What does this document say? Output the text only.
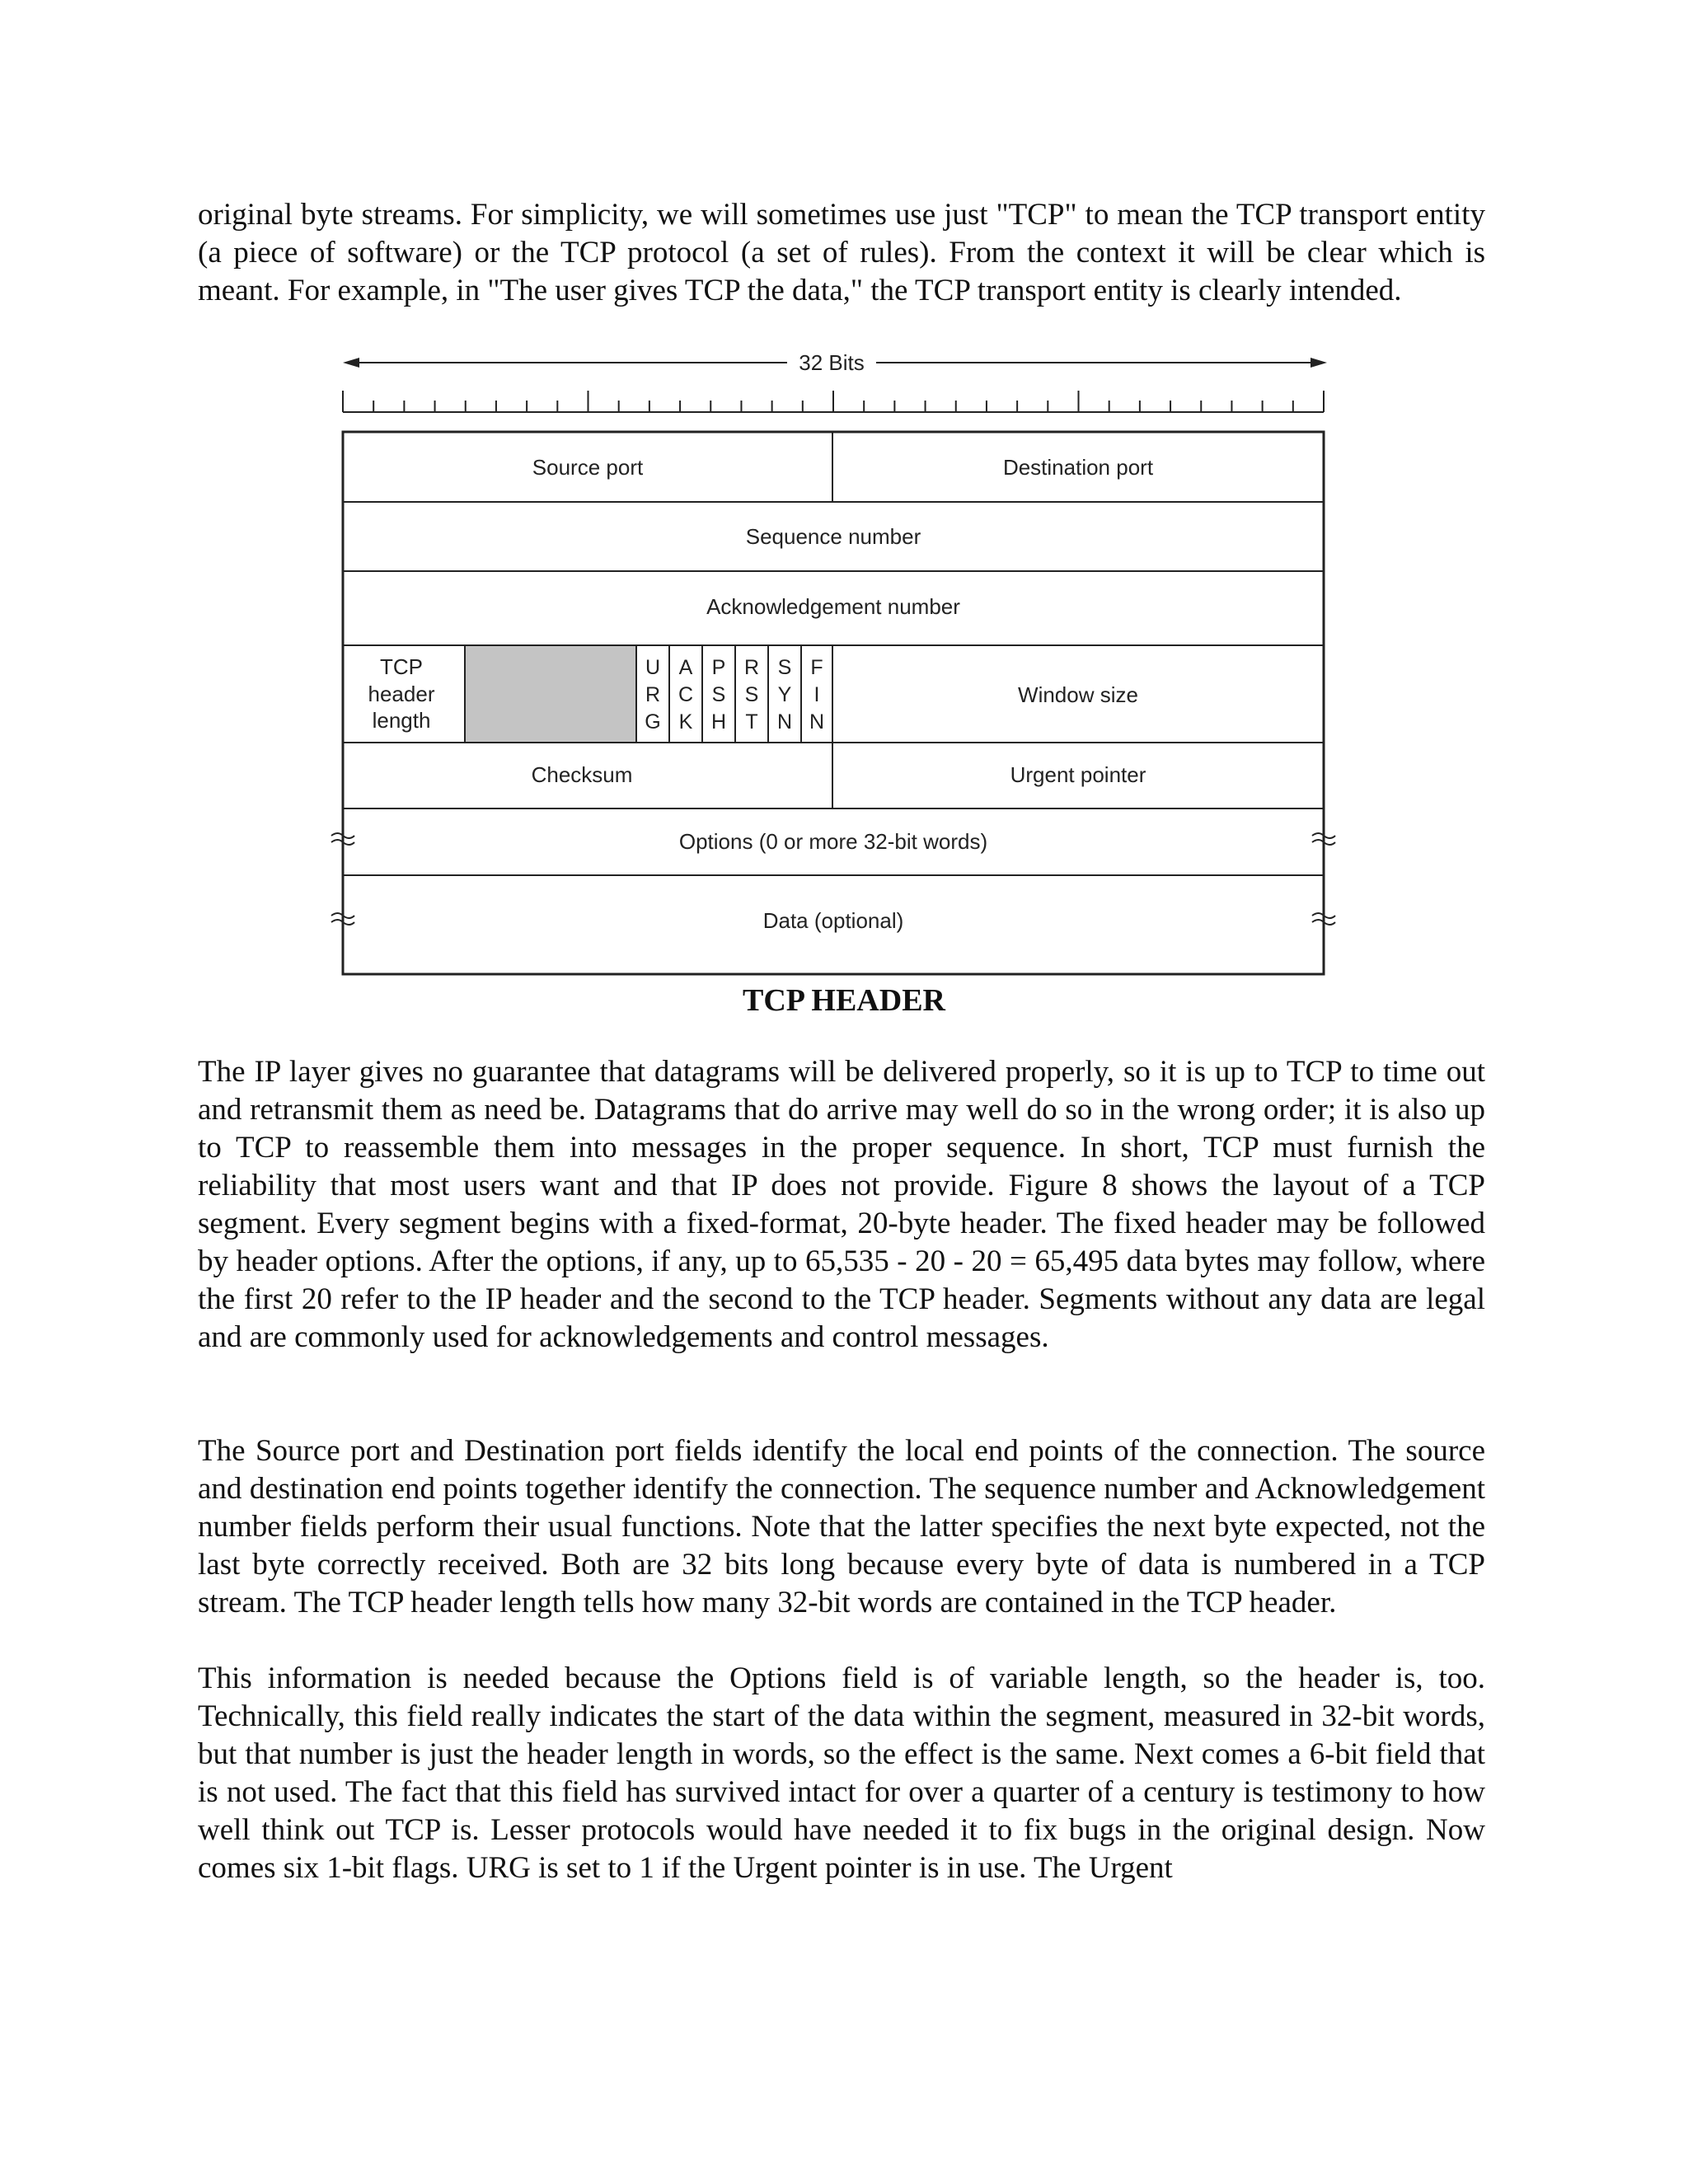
original byte streams. For simplicity, we will sometimes use just "TCP" to mean the TCP transport entity (a piece of software) or the TCP protocol (a set of rules). From the context it will be clear which is meant. For example, in "The user gives TCP the data," the TCP transport entity is clearly intended.

32 Bits
Source port	Destination port
Sequence number
Acknowledgement number
TCP
header
length
Window size
Checksum	Urgent pointer
Options (0 or more 32-bit words)
Data (optional)
U
R
G
A
C
K
P
S
H
R
S
T
S
Y
N
F
I
N

TCP HEADER

The IP layer gives no guarantee that datagrams will be delivered properly, so it is up to TCP to time out and retransmit them as need be. Datagrams that do arrive may well do so in the wrong order; it is also up to TCP to reassemble them into messages in the proper sequence. In short, TCP must furnish the reliability that most users want and that IP does not provide. Figure 8 shows the layout of a TCP segment. Every segment begins with a fixed-format, 20-byte header. The fixed header may be followed by header options. After the options, if any, up to 65,535 - 20 - 20 = 65,495 data bytes may follow, where the first 20 refer to the IP header and the second to the TCP header. Segments without any data are legal and are commonly used for acknowledgements and control messages.

The Source port and Destination port fields identify the local end points of the connection. The source and destination end points together identify the connection. The sequence number and Acknowledgement number fields perform their usual functions. Note that the latter specifies the next byte expected, not the last byte correctly received. Both are 32 bits long because every byte of data is numbered in a TCP stream. The TCP header length tells how many 32-bit words are contained in the TCP header.

This information is needed because the Options field is of variable length, so the header is, too. Technically, this field really indicates the start of the data within the segment, measured in 32-bit words, but that number is just the header length in words, so the effect is the same. Next comes a 6-bit field that is not used. The fact that this field has survived intact for over a quarter of a century is testimony to how well think out TCP is. Lesser protocols would have needed it to fix bugs in the original design. Now comes six 1-bit flags. URG is set to 1 if the Urgent pointer is in use. The Urgent
